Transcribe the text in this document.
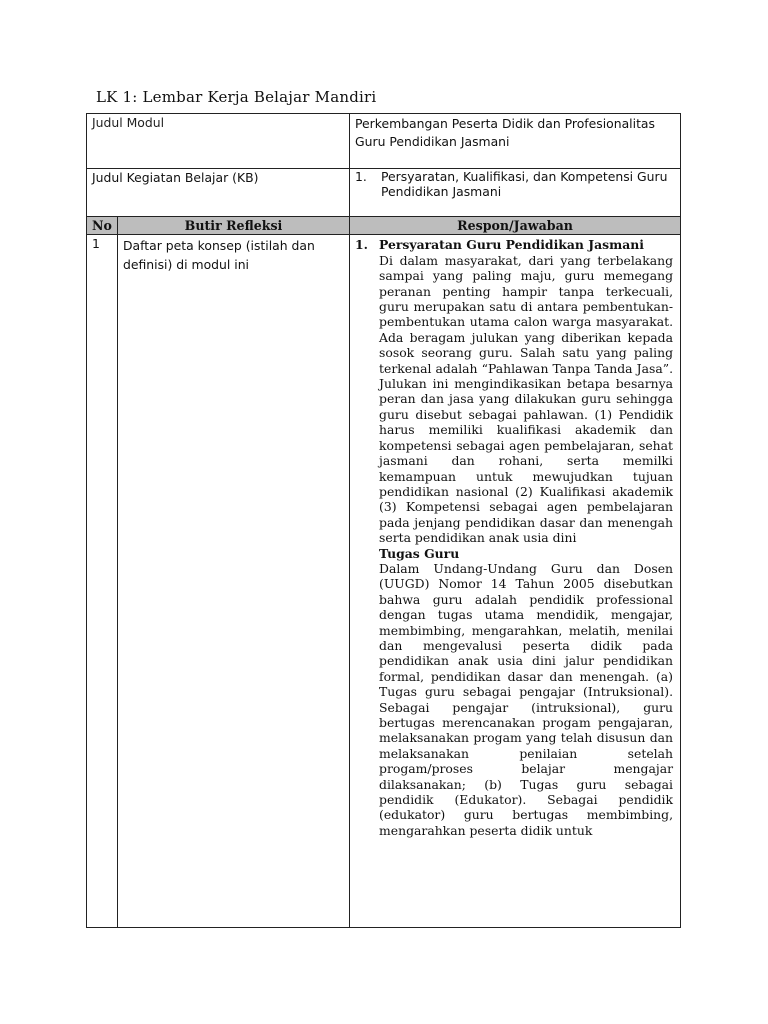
LK 1: Lembar Kerja Belajar Mandiri
Judul Modul		Perkembangan Peserta Didik dan Profesionalitas Guru Pendidikan Jasmani
Judul Kegiatan Belajar (KB)		1. Persyaratan, Kualifikasi, dan Kompetensi Guru Pendidikan Jasmani

No	Butir Refleksi	Respon/Jawaban
1	Daftar peta konsep (istilah dan definisi) di modul ini	1. Persyaratan Guru Pendidikan Jasmani

Di dalam masyarakat, dari yang terbelakang sampai yang paling maju, guru memegang peranan penting hampir tanpa terkecuali, guru merupakan satu di antara pembentukan-pembentukan utama calon warga masyarakat. Ada beragam julukan yang diberikan kepada sosok seorang guru. Salah satu yang paling terkenal adalah “Pahlawan Tanpa Tanda Jasa”. Julukan ini mengindikasikan betapa besarnya peran dan jasa yang dilakukan guru sehingga guru disebut sebagai pahlawan. (1) Pendidik harus memiliki kualifikasi akademik dan kompetensi sebagai agen pembelajaran, sehat jasmani dan rohani, serta memilki kemampuan untuk mewujudkan tujuan pendidikan nasional (2) Kualifikasi akademik (3) Kompetensi sebagai agen pembelajaran pada jenjang pendidikan dasar dan menengah serta pendidikan anak usia dini

Tugas Guru

Dalam Undang-Undang Guru dan Dosen (UUGD) Nomor 14 Tahun 2005 disebutkan bahwa guru adalah pendidik professional dengan tugas utama mendidik, mengajar, membimbing, mengarahkan, melatih, menilai dan mengevalusi peserta didik pada pendidikan anak usia dini jalur pendidikan formal, pendidikan dasar dan menengah. (a) Tugas guru sebagai pengajar (Intruksional). Sebagai pengajar (intruksional), guru bertugas merencanakan progam pengajaran, melaksanakan progam yang telah disusun dan melaksanakan penilaian setelah progam/proses belajar mengajar dilaksanakan; (b) Tugas guru sebagai pendidik (Edukator). Sebagai pendidik (edukator) guru bertugas membimbing, mengarahkan peserta didik untuk
